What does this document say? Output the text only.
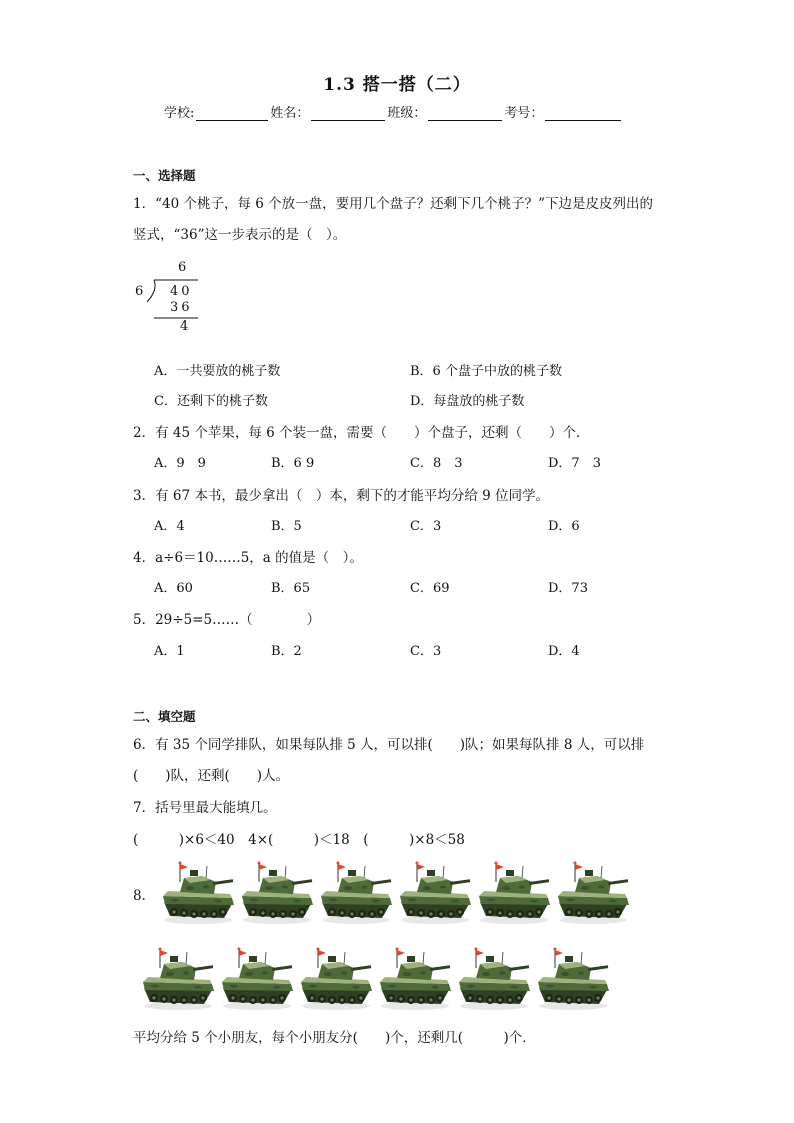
1.3 搭一搭（二）
学校:	姓名：	班级：	考号：
一、选择题
1．“40 个桃子，每 6 个放一盘，要用几个盘子？还剩下几个桃子？”下边是皮皮列出的
竖式，“36”这一步表示的是（　）。
6
6 40
36
4
A．一共要放的桃子数	B．6 个盘子中放的桃子数
C．还剩下的桃子数	D．每盘放的桃子数
2．有 45 个苹果，每 6 个装一盘，需要（　　）个盘子，还剩（　　）个．
A．9　9	B．6 9	C．8　3	D．7　3
3．有 67 本书，最少拿出（　）本，剩下的才能平均分给 9 位同学。
A．4	B．5	C．3	D．6
4．a÷6＝10……5，a 的值是（　）。
A．60	B．65	C．69	D．73
5．29÷5=5……（　　　　）
A．1	B．2	C．3	D．4
二、填空题
6．有 35 个同学排队，如果每队排 5 人，可以排(　　)队；如果每队排 8 人，可以排
(　　)队，还剩(　　)人。
7．括号里最大能填几。
(　　　)×6＜40　4×(　　　)＜18　(　　　)×8＜58
8．
平均分给 5 个小朋友，每个小朋友分(　　)个，还剩几(　　　)个．
